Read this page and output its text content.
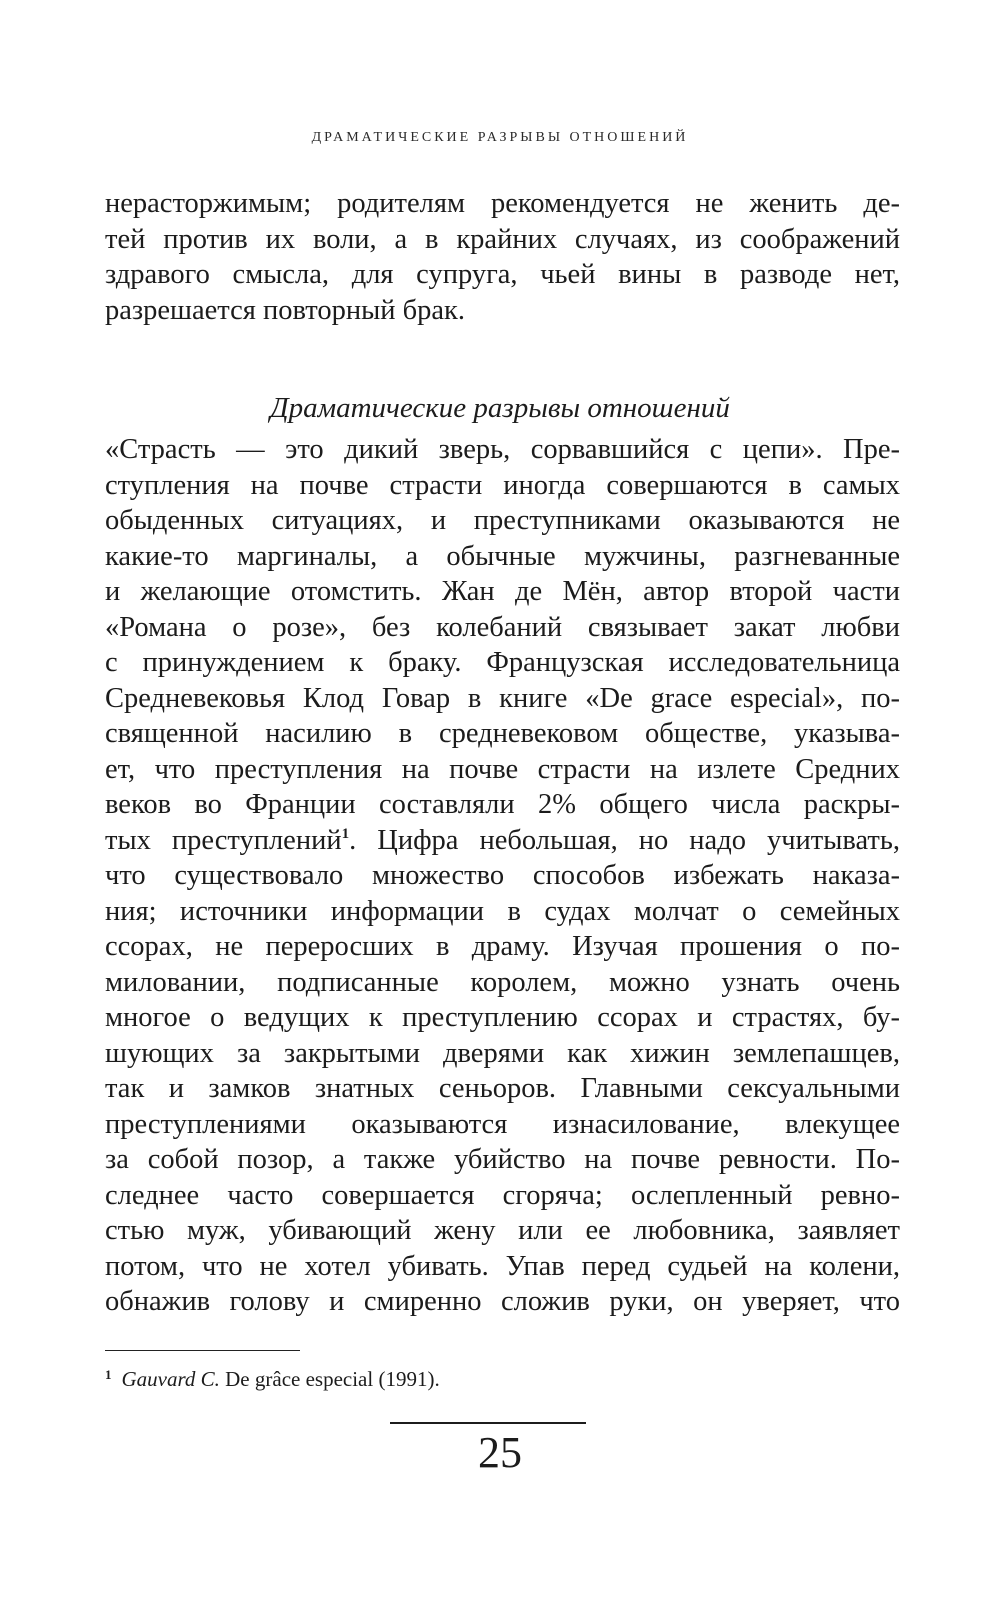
ДРАМАТИЧЕСКИЕ РАЗРЫВЫ ОТНОШЕНИЙ
нерасторжимым; родителям рекомендуется не женить де-
тей против их воли, а в крайних случаях, из соображений
здравого смысла, для супруга, чьей вины в разводе нет,
разрешается повторный брак.
Драматические разрывы отношений
«Страсть — это дикий зверь, сорвавшийся с цепи». Пре-
ступления на почве страсти иногда совершаются в самых
обыденных ситуациях, и преступниками оказываются не
какие-то маргиналы, а обычные мужчины, разгневанные
и желающие отомстить. Жан де Мён, автор второй части
«Романа о розе», без колебаний связывает закат любви
с принуждением к браку. Французская исследовательница
Средневековья Клод Говар в книге «De grace especial», по-
священной насилию в средневековом обществе, указыва-
ет, что преступления на почве страсти на излете Средних
веков во Франции составляли 2% общего числа раскры-
тых преступлений$^1$. Цифра небольшая, но надо учитывать,
что существовало множество способов избежать наказа-
ния; источники информации в судах молчат о семейных
ссорах, не переросших в драму. Изучая прошения о по-
миловании, подписанные королем, можно узнать очень
многое о ведущих к преступлению ссорах и страстях, бу-
шующих за закрытыми дверями как хижин землепашцев,
так и замков знатных сеньоров. Главными сексуальными
преступлениями оказываются изнасилование, влекущее
за собой позор, а также убийство на почве ревности. По-
следнее часто совершается сгоряча; ослепленный ревно-
стью муж, убивающий жену или ее любовника, заявляет
потом, что не хотел убивать. Упав перед судьей на колени,
обнажив голову и смиренно сложив руки, он уверяет, что
$^1$ Gauvard C. De grâce especial (1991).
25
